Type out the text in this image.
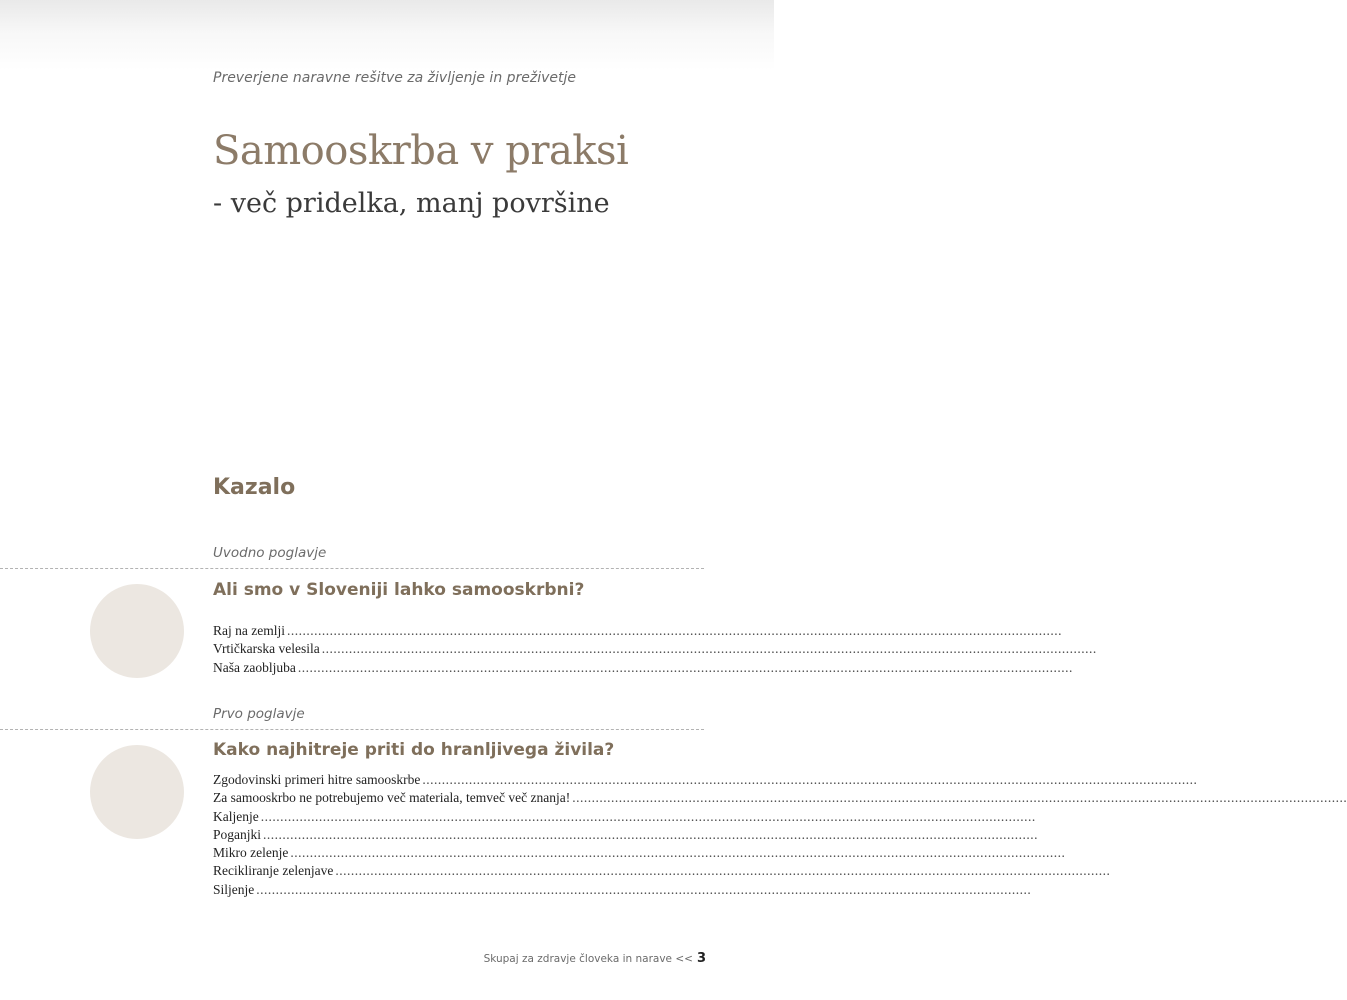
Preverjene naravne rešitve za življenje in preživetje
Samooskrba v praksi
- več pridelka, manj površine
Kazalo
Uvodno poglavje
Ali smo v Sloveniji lahko samooskrbni?
Raj na zemlji ........................................................................................................................................................................................................
Vrtičkarska velesila ........................................................................................................................................................................................................
Naša zaobljuba ........................................................................................................................................................................................................
Prvo poglavje
Kako najhitreje priti do hranljivega živila?
Zgodovinski primeri hitre samooskrbe ........................................................................................................................................................................................................
Za samooskrbo ne potrebujemo več materiala, temveč več znanja! ........................................................................................................................................................................................................
Kaljenje ........................................................................................................................................................................................................
Poganjki ........................................................................................................................................................................................................
Mikro zelenje ........................................................................................................................................................................................................
Recikliranje zelenjave ........................................................................................................................................................................................................
Siljenje ........................................................................................................................................................................................................
Skupaj za zdravje človeka in narave << 3
